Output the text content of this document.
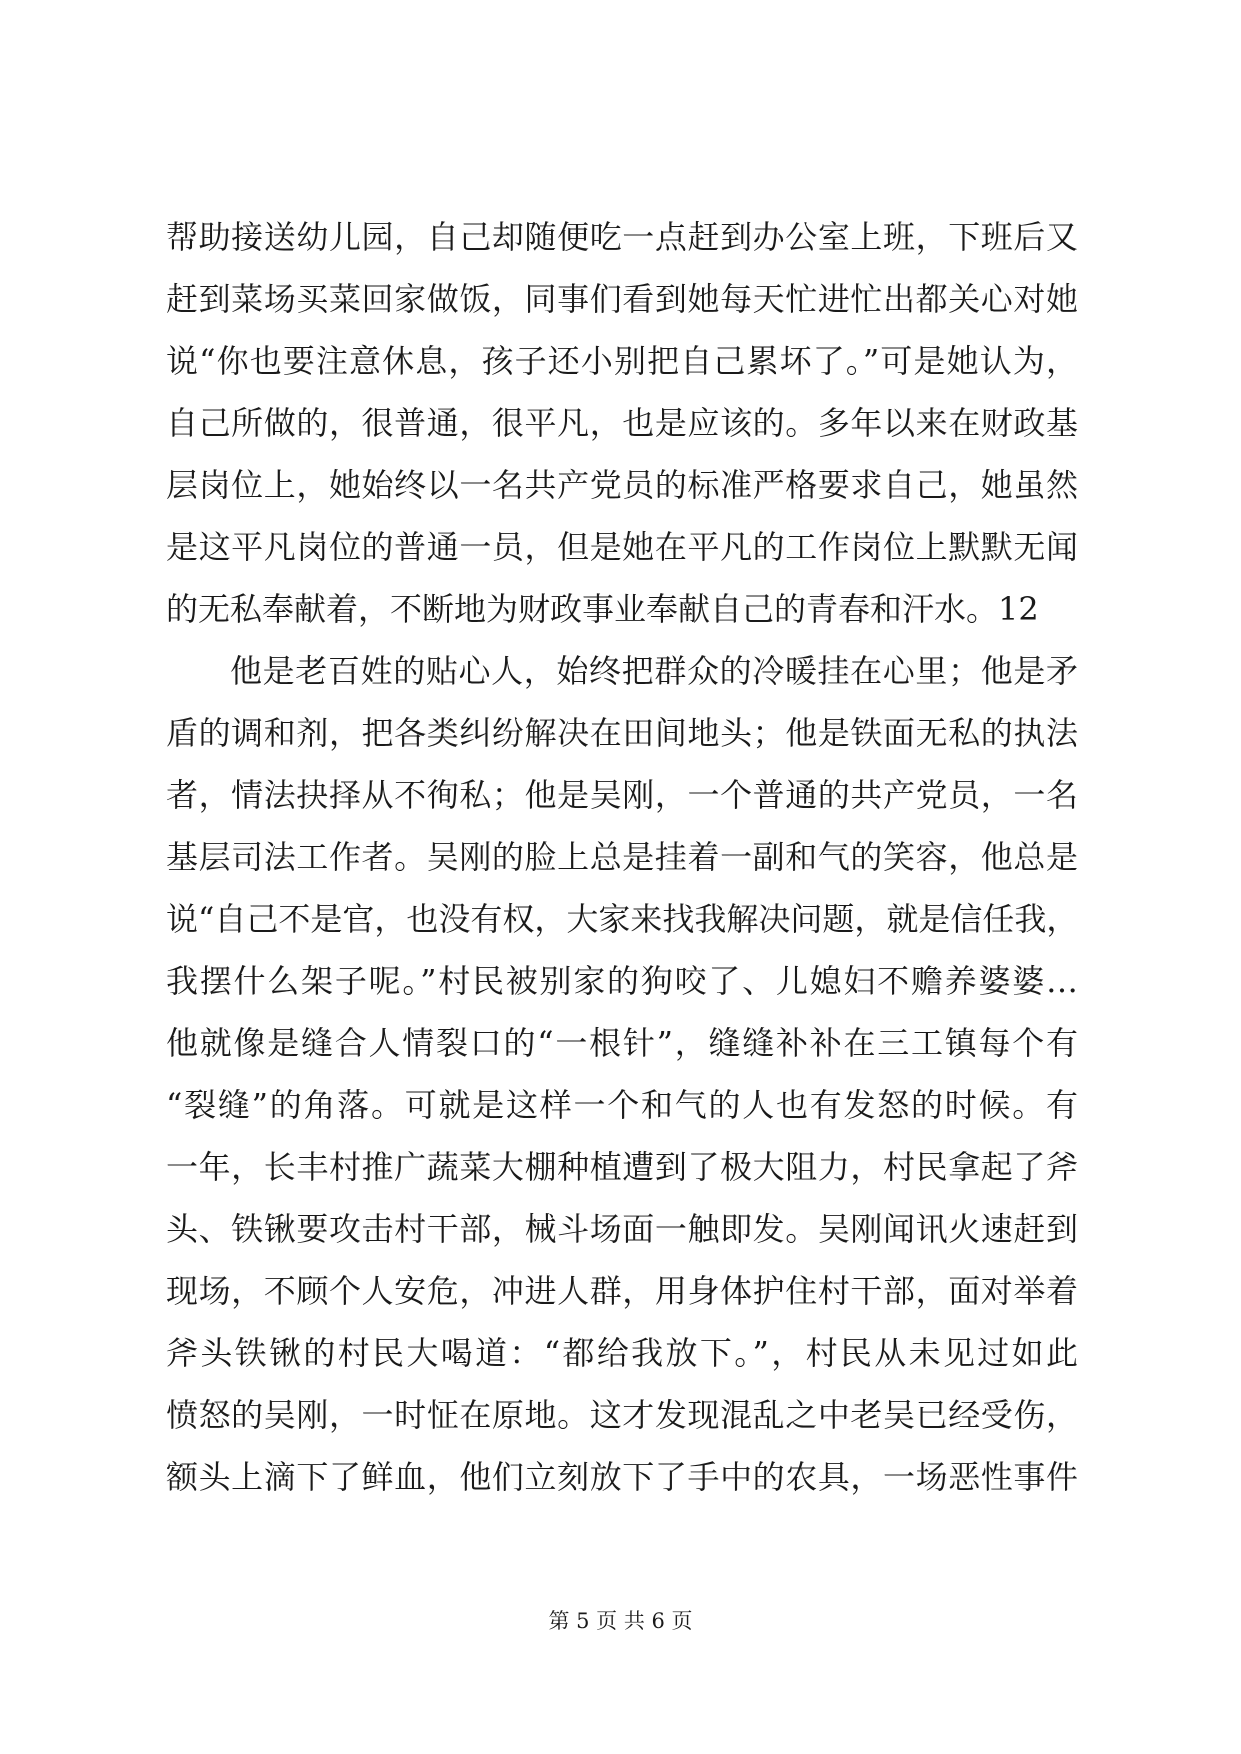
帮助接送幼儿园，自己却随便吃一点赶到办公室上班，下班后又
赶到菜场买菜回家做饭，同事们看到她每天忙进忙出都关心对她
说“你也要注意休息，孩子还小别把自己累坏了。”可是她认为，
自己所做的，很普通，很平凡，也是应该的。多年以来在财政基
层岗位上，她始终以一名共产党员的标准严格要求自己，她虽然
是这平凡岗位的普通一员，但是她在平凡的工作岗位上默默无闻
的无私奉献着，不断地为财政事业奉献自己的青春和汗水。12
他是老百姓的贴心人，始终把群众的冷暖挂在心里；他是矛
盾的调和剂，把各类纠纷解决在田间地头；他是铁面无私的执法
者，情法抉择从不徇私；他是吴刚，一个普通的共产党员，一名
基层司法工作者。吴刚的脸上总是挂着一副和气的笑容，他总是
说“自己不是官，也没有权，大家来找我解决问题，就是信任我，
我摆什么架子呢。”村民被别家的狗咬了、儿媳妇不赡养婆婆…
他就像是缝合人情裂口的“一根针”，缝缝补补在三工镇每个有
“裂缝”的角落。可就是这样一个和气的人也有发怒的时候。有
一年，长丰村推广蔬菜大棚种植遭到了极大阻力，村民拿起了斧
头、铁锹要攻击村干部，械斗场面一触即发。吴刚闻讯火速赶到
现场，不顾个人安危，冲进人群，用身体护住村干部，面对举着
斧头铁锹的村民大喝道：“都给我放下。”，村民从未见过如此
愤怒的吴刚，一时怔在原地。这才发现混乱之中老吴已经受伤，
额头上滴下了鲜血，他们立刻放下了手中的农具，一场恶性事件
第 5 页 共 6 页
